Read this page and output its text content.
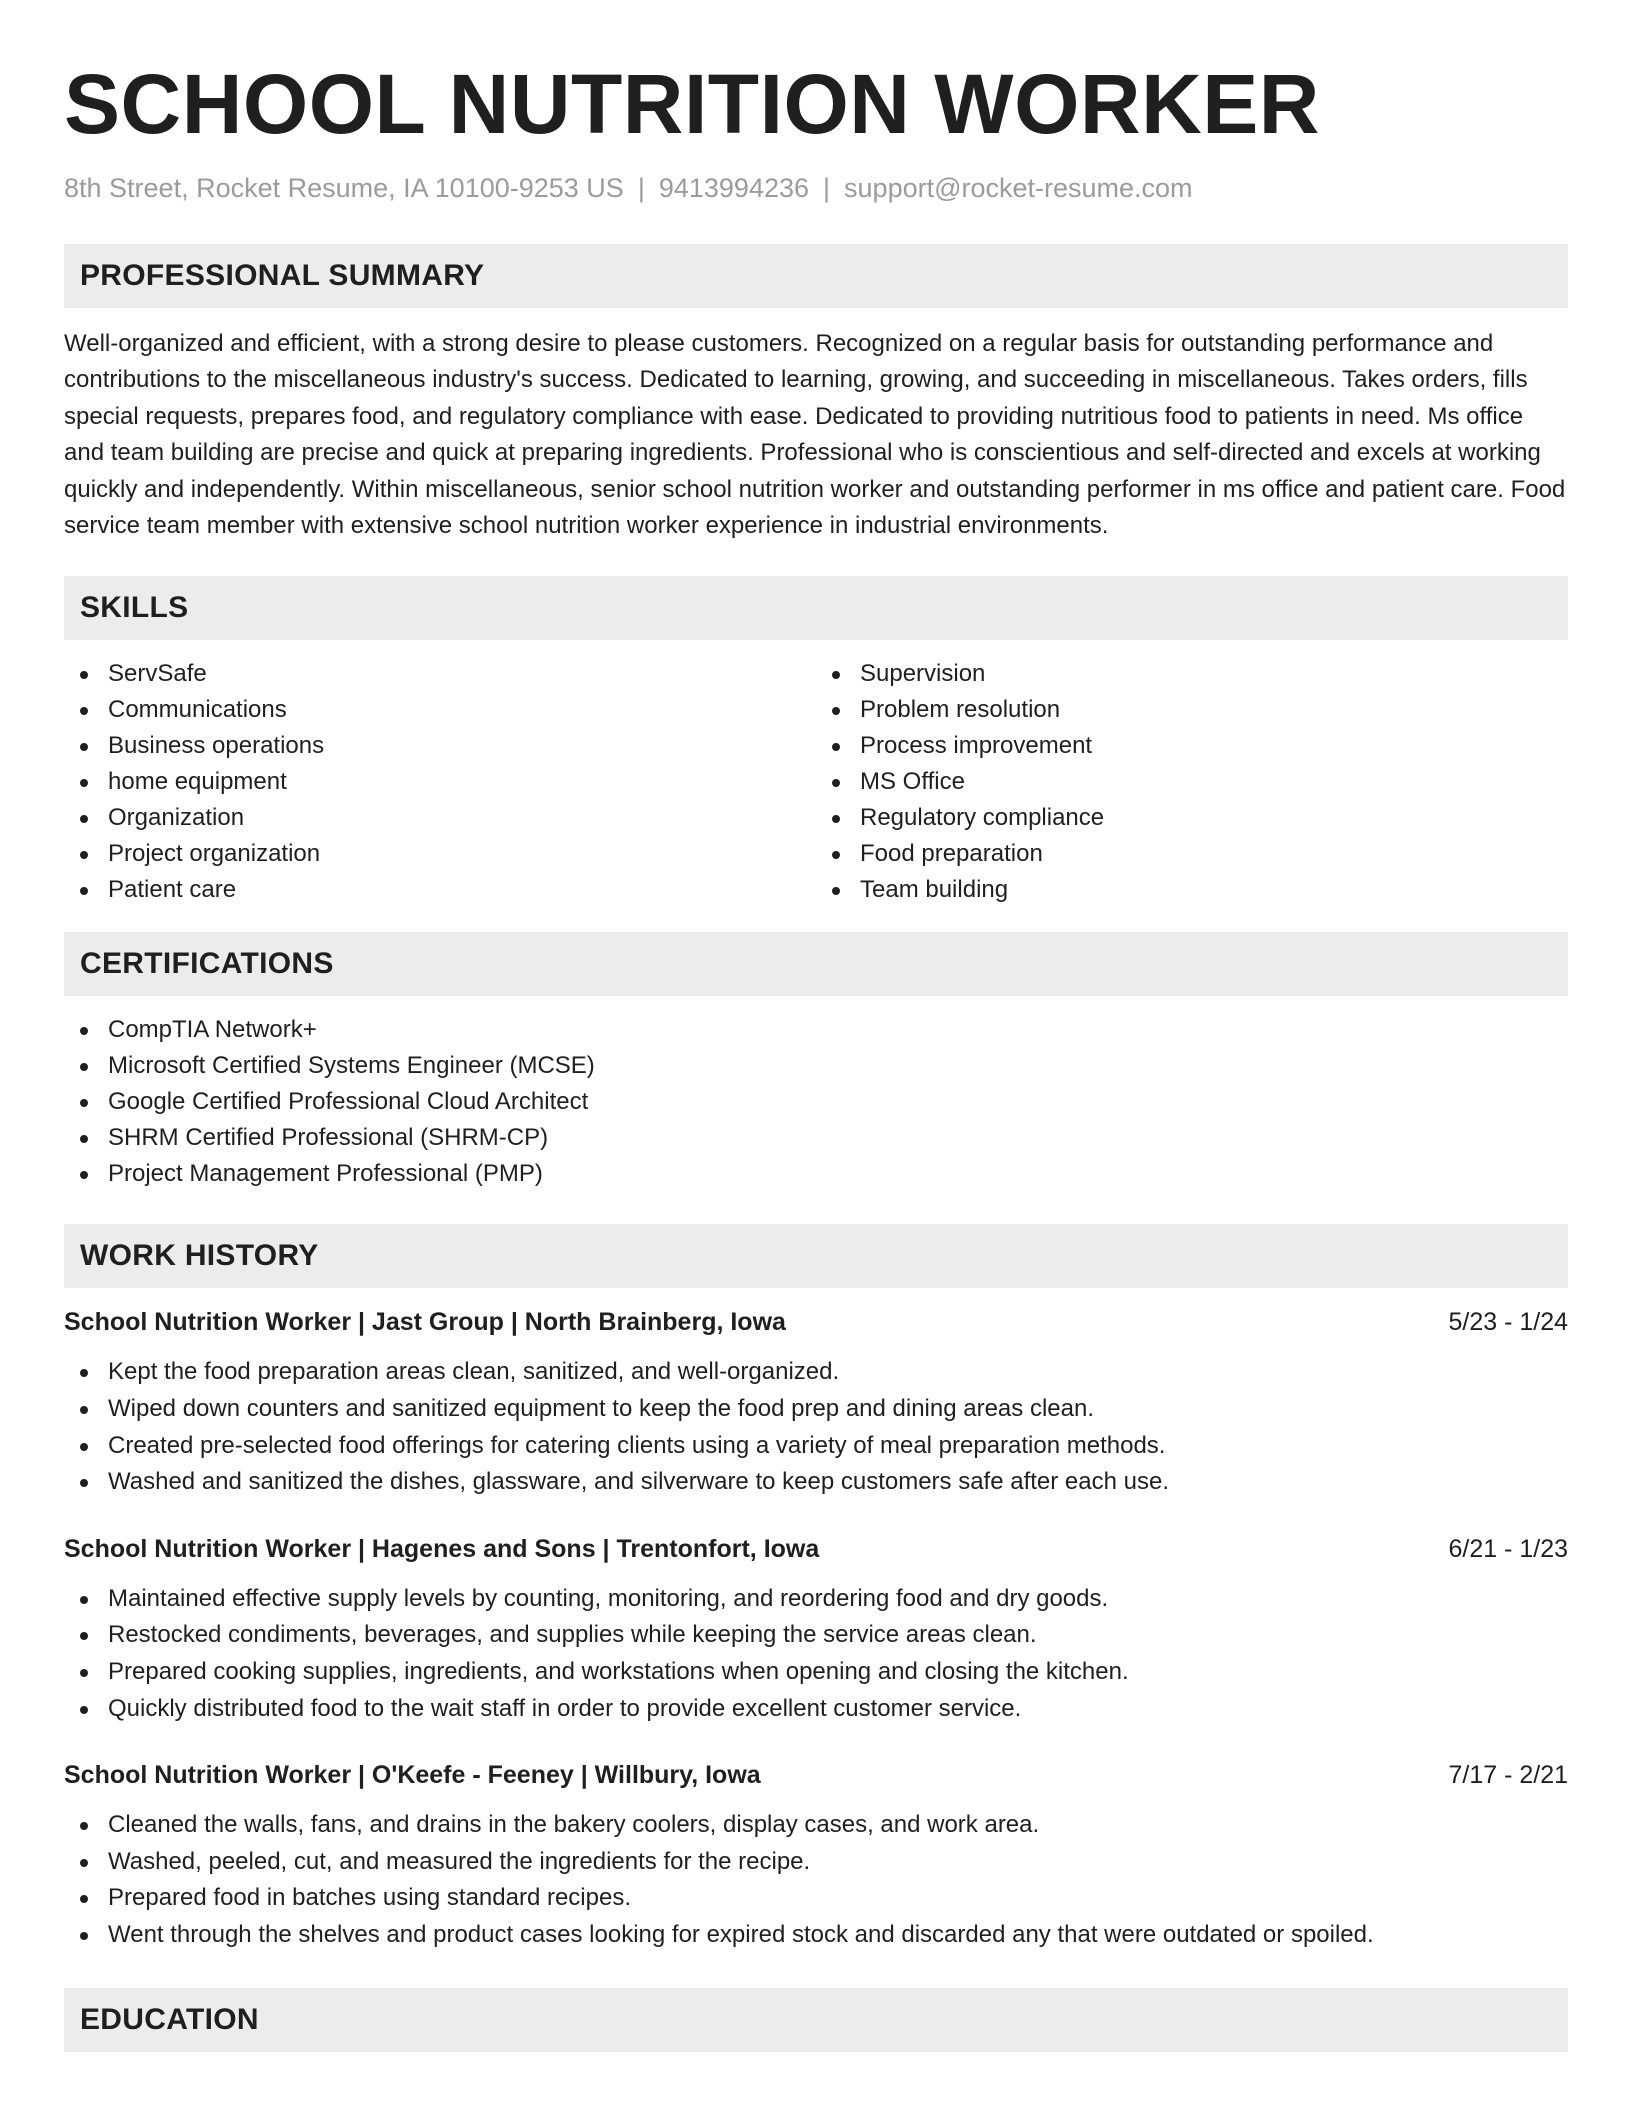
SCHOOL NUTRITION WORKER
8th Street, Rocket Resume, IA 10100-9253 US | 9413994236 | support@rocket-resume.com
PROFESSIONAL SUMMARY
Well-organized and efficient, with a strong desire to please customers. Recognized on a regular basis for outstanding performance and contributions to the miscellaneous industry's success. Dedicated to learning, growing, and succeeding in miscellaneous. Takes orders, fills special requests, prepares food, and regulatory compliance with ease. Dedicated to providing nutritious food to patients in need. Ms office and team building are precise and quick at preparing ingredients. Professional who is conscientious and self-directed and excels at working quickly and independently. Within miscellaneous, senior school nutrition worker and outstanding performer in ms office and patient care. Food service team member with extensive school nutrition worker experience in industrial environments.
SKILLS
ServSafe
Communications
Business operations
home equipment
Organization
Project organization
Patient care
Supervision
Problem resolution
Process improvement
MS Office
Regulatory compliance
Food preparation
Team building
CERTIFICATIONS
CompTIA Network+
Microsoft Certified Systems Engineer (MCSE)
Google Certified Professional Cloud Architect
SHRM Certified Professional (SHRM-CP)
Project Management Professional (PMP)
WORK HISTORY
School Nutrition Worker | Jast Group | North Brainberg, Iowa	5/23 - 1/24
Kept the food preparation areas clean, sanitized, and well-organized.
Wiped down counters and sanitized equipment to keep the food prep and dining areas clean.
Created pre-selected food offerings for catering clients using a variety of meal preparation methods.
Washed and sanitized the dishes, glassware, and silverware to keep customers safe after each use.
School Nutrition Worker | Hagenes and Sons | Trentonfort, Iowa	6/21 - 1/23
Maintained effective supply levels by counting, monitoring, and reordering food and dry goods.
Restocked condiments, beverages, and supplies while keeping the service areas clean.
Prepared cooking supplies, ingredients, and workstations when opening and closing the kitchen.
Quickly distributed food to the wait staff in order to provide excellent customer service.
School Nutrition Worker | O'Keefe - Feeney | Willbury, Iowa	7/17 - 2/21
Cleaned the walls, fans, and drains in the bakery coolers, display cases, and work area.
Washed, peeled, cut, and measured the ingredients for the recipe.
Prepared food in batches using standard recipes.
Went through the shelves and product cases looking for expired stock and discarded any that were outdated or spoiled.
EDUCATION
